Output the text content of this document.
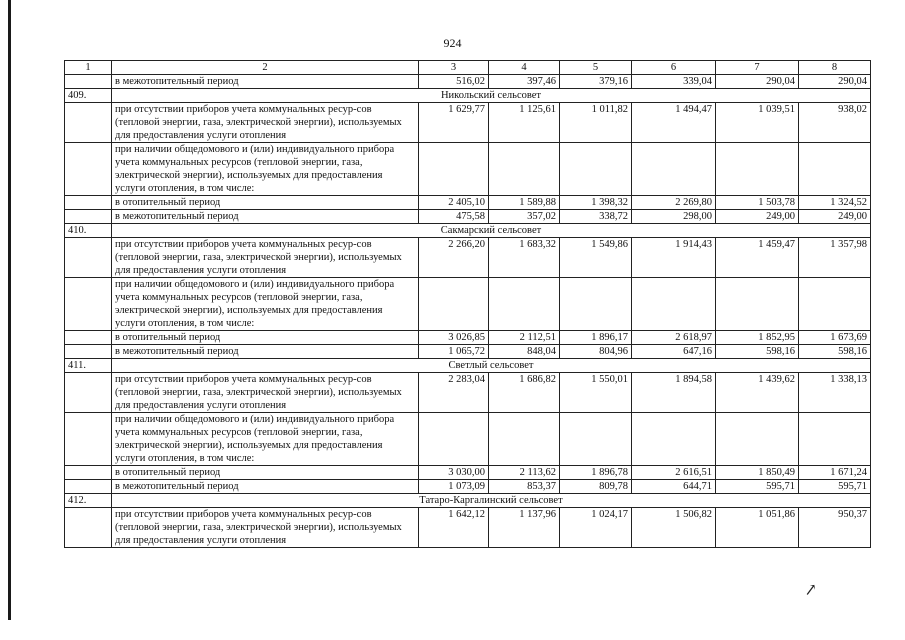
924
1	2	3	4	5	6	7	8
	в межотопительный период	516,02	397,46	379,16	339,04	290,04	290,04
409.	Никольский сельсовет						
	при отсутствии приборов учета коммунальных ресур-сов (тепловой энергии, газа, электрической энергии), используемых для предоставления услуги отопления	1 629,77	1 125,61	1 011,82	1 494,47	1 039,51	938,02
	при наличии общедомового и (или) индивидуального прибора учета коммунальных ресурсов (тепловой энергии, газа, электрической энергии), используемых для предоставления услуги отопления, в том числе:						
	в отопительный период	2 405,10	1 589,88	1 398,32	2 269,80	1 503,78	1 324,52
	в межотопительный период	475,58	357,02	338,72	298,00	249,00	249,00
410.	Сакмарский сельсовет						
	при отсутствии приборов учета коммунальных ресур-сов (тепловой энергии, газа, электрической энергии), используемых для предоставления услуги отопления	2 266,20	1 683,32	1 549,86	1 914,43	1 459,47	1 357,98
	при наличии общедомового и (или) индивидуального прибора учета коммунальных ресурсов (тепловой энергии, газа, электрической энергии), используемых для предоставления услуги отопления, в том числе:						
	в отопительный период	3 026,85	2 112,51	1 896,17	2 618,97	1 852,95	1 673,69
	в межотопительный период	1 065,72	848,04	804,96	647,16	598,16	598,16
411.	Светлый сельсовет						
	при отсутствии приборов учета коммунальных ресур-сов (тепловой энергии, газа, электрической энергии), используемых для предоставления услуги отопления	2 283,04	1 686,82	1 550,01	1 894,58	1 439,62	1 338,13
	при наличии общедомового и (или) индивидуального прибора учета коммунальных ресурсов (тепловой энергии, газа, электрической энергии), используемых для предоставления услуги отопления, в том числе:						
	в отопительный период	3 030,00	2 113,62	1 896,78	2 616,51	1 850,49	1 671,24
	в межотопительный период	1 073,09	853,37	809,78	644,71	595,71	595,71
412.	Татаро-Каргалинский сельсовет						
	при отсутствии приборов учета коммунальных ресур-сов (тепловой энергии, газа, электрической энергии), используемых для предоставления услуги отопления	1 642,12	1 137,96	1 024,17	1 506,82	1 051,86	950,37
↗
